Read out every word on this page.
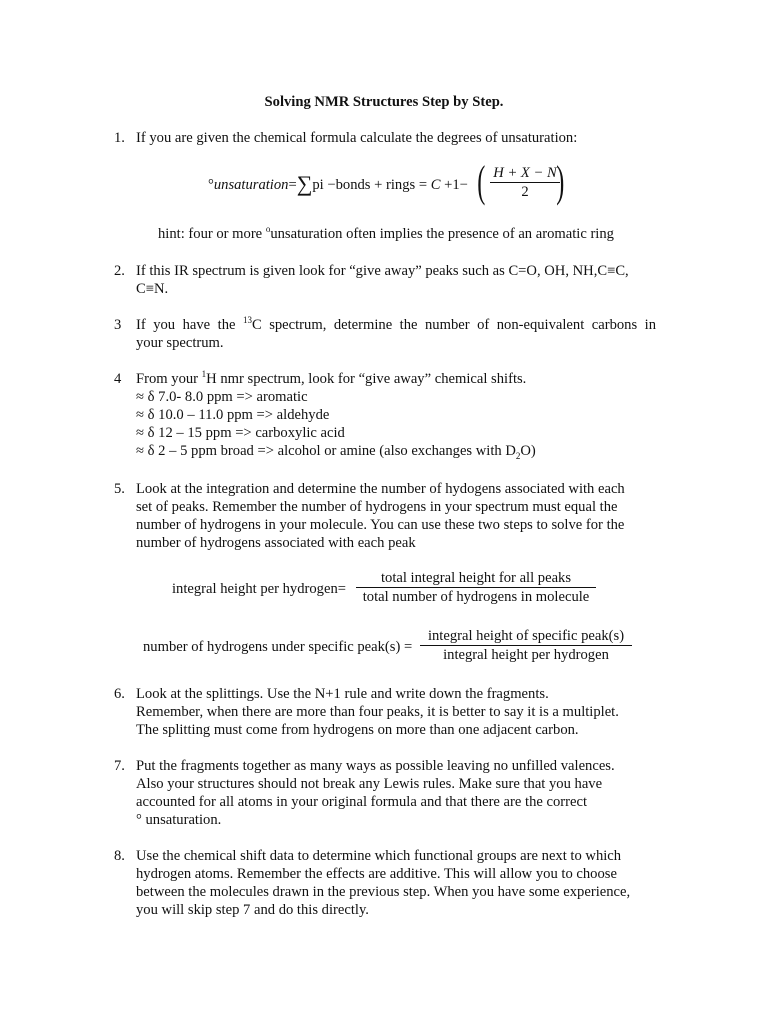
Solving NMR Structures Step by Step.
1. If you are given the chemical formula calculate the degrees of unsaturation:
°unsaturation=∑pi −bonds + rings = C +1− ( H + X − N
2 )
hint: four or more $^o$unsaturation often implies the presence of an aromatic ring
2. If this IR spectrum is given look for “give away” peaks such as C=O, OH, NH,C≡C,
C≡N.
3	If you have the $^{13}$C spectrum, determine the number of non-equivalent carbons in
your spectrum.
4	From your $^1$H nmr spectrum, look for “give away” chemical shifts.
≈ δ 7.0- 8.0 ppm => aromatic
≈ δ 10.0 – 11.0 ppm => aldehyde
≈ δ 12 – 15 ppm => carboxylic acid
≈ δ 2 – 5 ppm broad => alcohol or amine (also exchanges with $D_2O$)
5. Look at the integration and determine the number of hydogens associated with each
set of peaks. Remember the number of hydrogens in your spectrum must equal the
number of hydrogens in your molecule. You can use these two steps to solve for the
number of hydrogens associated with each peak
integral height per hydrogen=
total integral height for all peaks
total number of hydrogens in molecule
number of hydrogens under specific peak(s) =
integral height of specific peak(s)
integral height per hydrogen
6. Look at the splittings. Use the N+1 rule and write down the fragments.
Remember, when there are more than four peaks, it is better to say it is a multiplet.
The splitting must come from hydrogens on more than one adjacent carbon.
7. Put the fragments together as many ways as possible leaving no unfilled valences.
Also your structures should not break any Lewis rules. Make sure that you have
accounted for all atoms in your original formula and that there are the correct
° unsaturation.
8. Use the chemical shift data to determine which functional groups are next to which
hydrogen atoms. Remember the effects are additive. This will allow you to choose
between the molecules drawn in the previous step. When you have some experience,
you will skip step 7 and do this directly.
